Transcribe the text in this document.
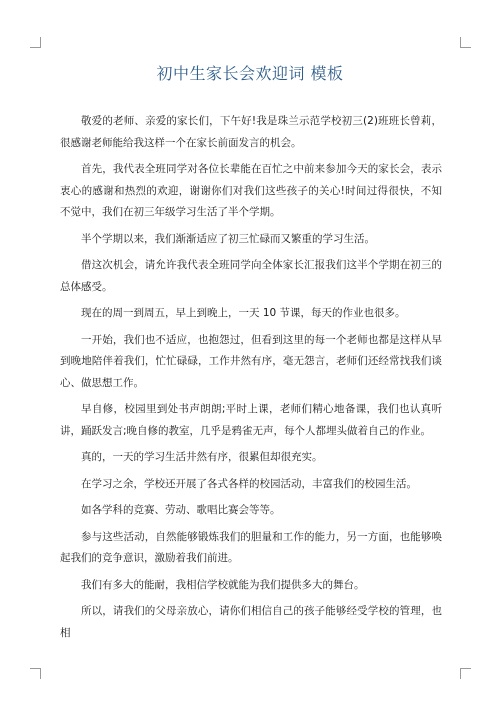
初中生家长会欢迎词 模板

敬爱的老师、亲爱的家长们，下午好!我是珠兰示范学校初三(2)班班长曾莉，很感谢老师能给我这样一个在家长前面发言的机会。

首先，我代表全班同学对各位长辈能在百忙之中前来参加今天的家长会，表示衷心的感谢和热烈的欢迎，谢谢你们对我们这些孩子的关心!时间过得很快，不知不觉中，我们在初三年级学习生活了半个学期。

半个学期以来，我们渐渐适应了初三忙碌而又繁重的学习生活。

借这次机会，请允许我代表全班同学向全体家长汇报我们这半个学期在初三的总体感受。

现在的周一到周五，早上到晚上，一天 10 节课，每天的作业也很多。

一开始，我们也不适应，也抱怨过，但看到这里的每一个老师也都是这样从早到晚地陪伴着我们，忙忙碌碌，工作井然有序，毫无怨言，老师们还经常找我们谈心、做思想工作。

早自修，校园里到处书声朗朗;平时上课，老师们精心地备课，我们也认真听讲，踊跃发言;晚自修的教室，几乎是鸦雀无声，每个人都埋头做着自己的作业。

真的，一天的学习生活井然有序，很累但却很充实。

在学习之余，学校还开展了各式各样的校园活动，丰富我们的校园生活。

如各学科的竞赛、劳动、歌唱比赛会等等。

参与这些活动，自然能够锻炼我们的胆量和工作的能力，另一方面，也能够唤起我们的竞争意识，激励着我们前进。

我们有多大的能耐，我相信学校就能为我们提供多大的舞台。

所以，请我们的父母亲放心，请你们相信自己的孩子能够经受学校的管理，也相
